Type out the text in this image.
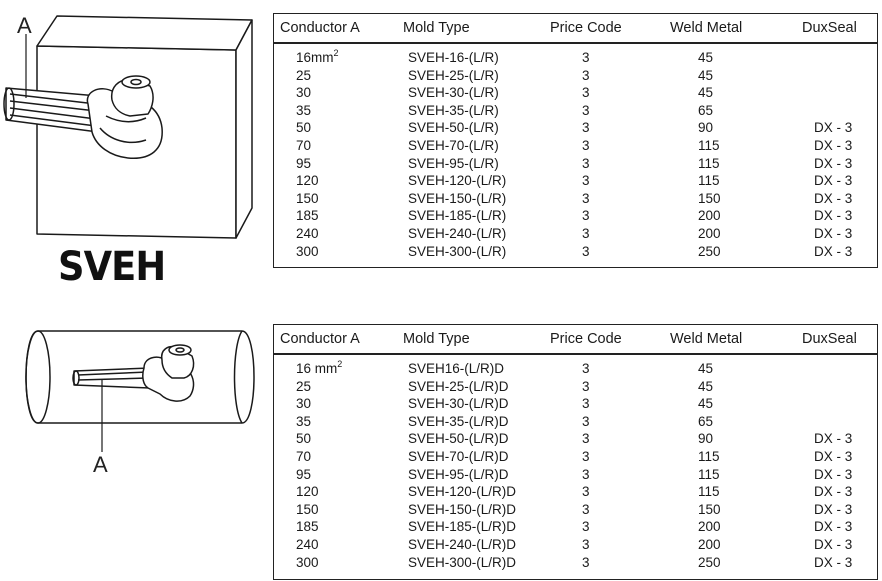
A
A
SVEH
Conductor A	Mold Type	Price Code	Weld Metal	DuxSeal
$16mm^2$	SVEH-16-(L/R)	3	45
25	SVEH-25-(L/R)	3	45
30	SVEH-30-(L/R)	3	45
35	SVEH-35-(L/R)	3	65
50	SVEH-50-(L/R)	3	90	DX - 3
70	SVEH-70-(L/R)	3	115	DX - 3
95	SVEH-95-(L/R)	3	115	DX - 3
120	SVEH-120-(L/R)	3	115	DX - 3
150	SVEH-150-(L/R)	3	150	DX - 3
185	SVEH-185-(L/R)	3	200	DX - 3
240	SVEH-240-(L/R)	3	200	DX - 3
300	SVEH-300-(L/R)	3	250	DX - 3
Conductor A	Mold Type	Price Code	Weld Metal	DuxSeal
16 $mm^2$	SVEH16-(L/R)D	3	45
25	SVEH-25-(L/R)D	3	45
30	SVEH-30-(L/R)D	3	45
35	SVEH-35-(L/R)D	3	65
50	SVEH-50-(L/R)D	3	90	DX - 3
70	SVEH-70-(L/R)D	3	115	DX - 3
95	SVEH-95-(L/R)D	3	115	DX - 3
120	SVEH-120-(L/R)D	3	115	DX - 3
150	SVEH-150-(L/R)D	3	150	DX - 3
185	SVEH-185-(L/R)D	3	200	DX - 3
240	SVEH-240-(L/R)D	3	200	DX - 3
300	SVEH-300-(L/R)D	3	250	DX - 3
